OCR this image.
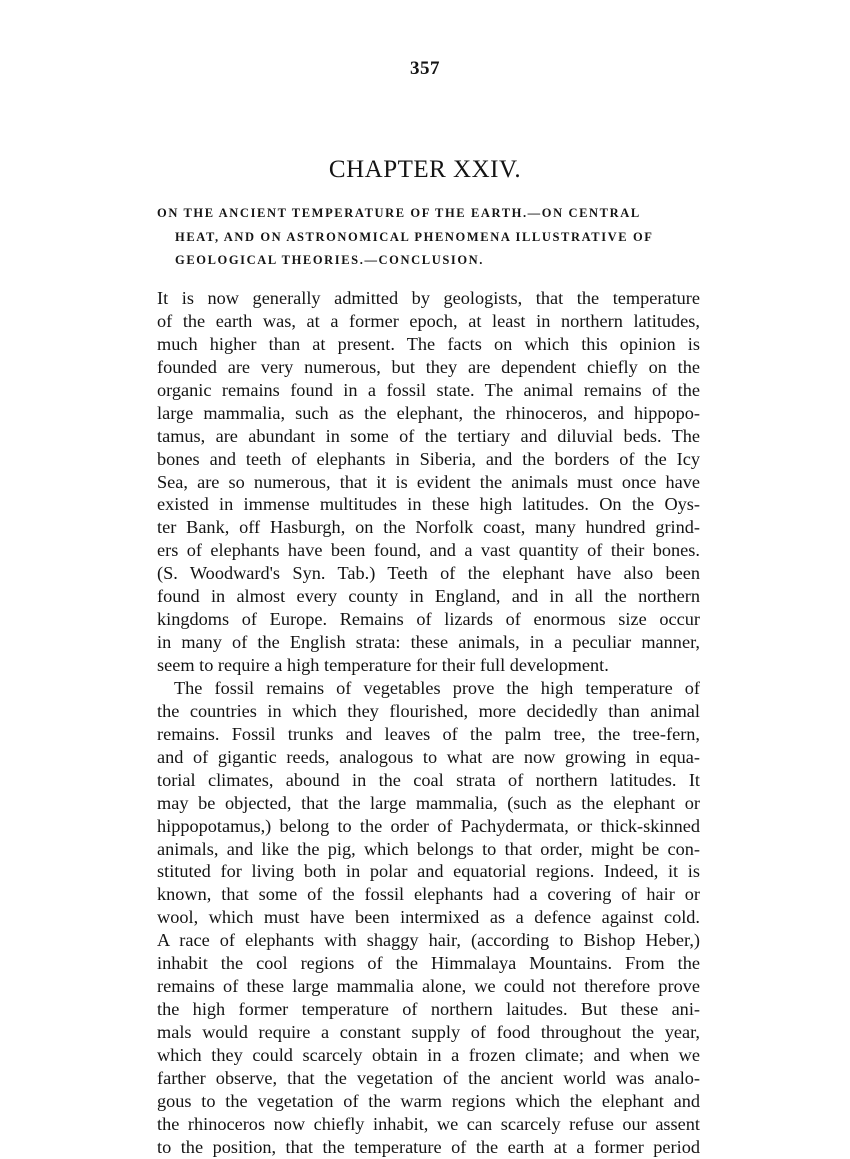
357
CHAPTER XXIV.
ON THE ANCIENT TEMPERATURE OF THE EARTH.—ON CENTRAL
HEAT, AND ON ASTRONOMICAL PHENOMENA ILLUSTRATIVE OF
GEOLOGICAL THEORIES.—CONCLUSION.
It is now generally admitted by geologists, that the temperature
of the earth was, at a former epoch, at least in northern latitudes,
much higher than at present. The facts on which this opinion is
founded are very numerous, but they are dependent chiefly on the
organic remains found in a fossil state. The animal remains of the
large mammalia, such as the elephant, the rhinoceros, and hippopo-
tamus, are abundant in some of the tertiary and diluvial beds. The
bones and teeth of elephants in Siberia, and the borders of the Icy
Sea, are so numerous, that it is evident the animals must once have
existed in immense multitudes in these high latitudes. On the Oys-
ter Bank, off Hasburgh, on the Norfolk coast, many hundred grind-
ers of elephants have been found, and a vast quantity of their bones.
(S. Woodward's Syn. Tab.) Teeth of the elephant have also been
found in almost every county in England, and in all the northern
kingdoms of Europe. Remains of lizards of enormous size occur
in many of the English strata: these animals, in a peculiar manner,
seem to require a high temperature for their full development.
The fossil remains of vegetables prove the high temperature of
the countries in which they flourished, more decidedly than animal
remains. Fossil trunks and leaves of the palm tree, the tree-fern,
and of gigantic reeds, analogous to what are now growing in equa-
torial climates, abound in the coal strata of northern latitudes. It
may be objected, that the large mammalia, (such as the elephant or
hippopotamus,) belong to the order of Pachydermata, or thick-skinned
animals, and like the pig, which belongs to that order, might be con-
stituted for living both in polar and equatorial regions. Indeed, it is
known, that some of the fossil elephants had a covering of hair or
wool, which must have been intermixed as a defence against cold.
A race of elephants with shaggy hair, (according to Bishop Heber,)
inhabit the cool regions of the Himmalaya Mountains. From the
remains of these large mammalia alone, we could not therefore prove
the high former temperature of northern laitudes. But these ani-
mals would require a constant supply of food throughout the year,
which they could scarcely obtain in a frozen climate; and when we
farther observe, that the vegetation of the ancient world was analo-
gous to the vegetation of the warm regions which the elephant and
the rhinoceros now chiefly inhabit, we can scarcely refuse our assent
to the position, that the temperature of the earth at a former period
